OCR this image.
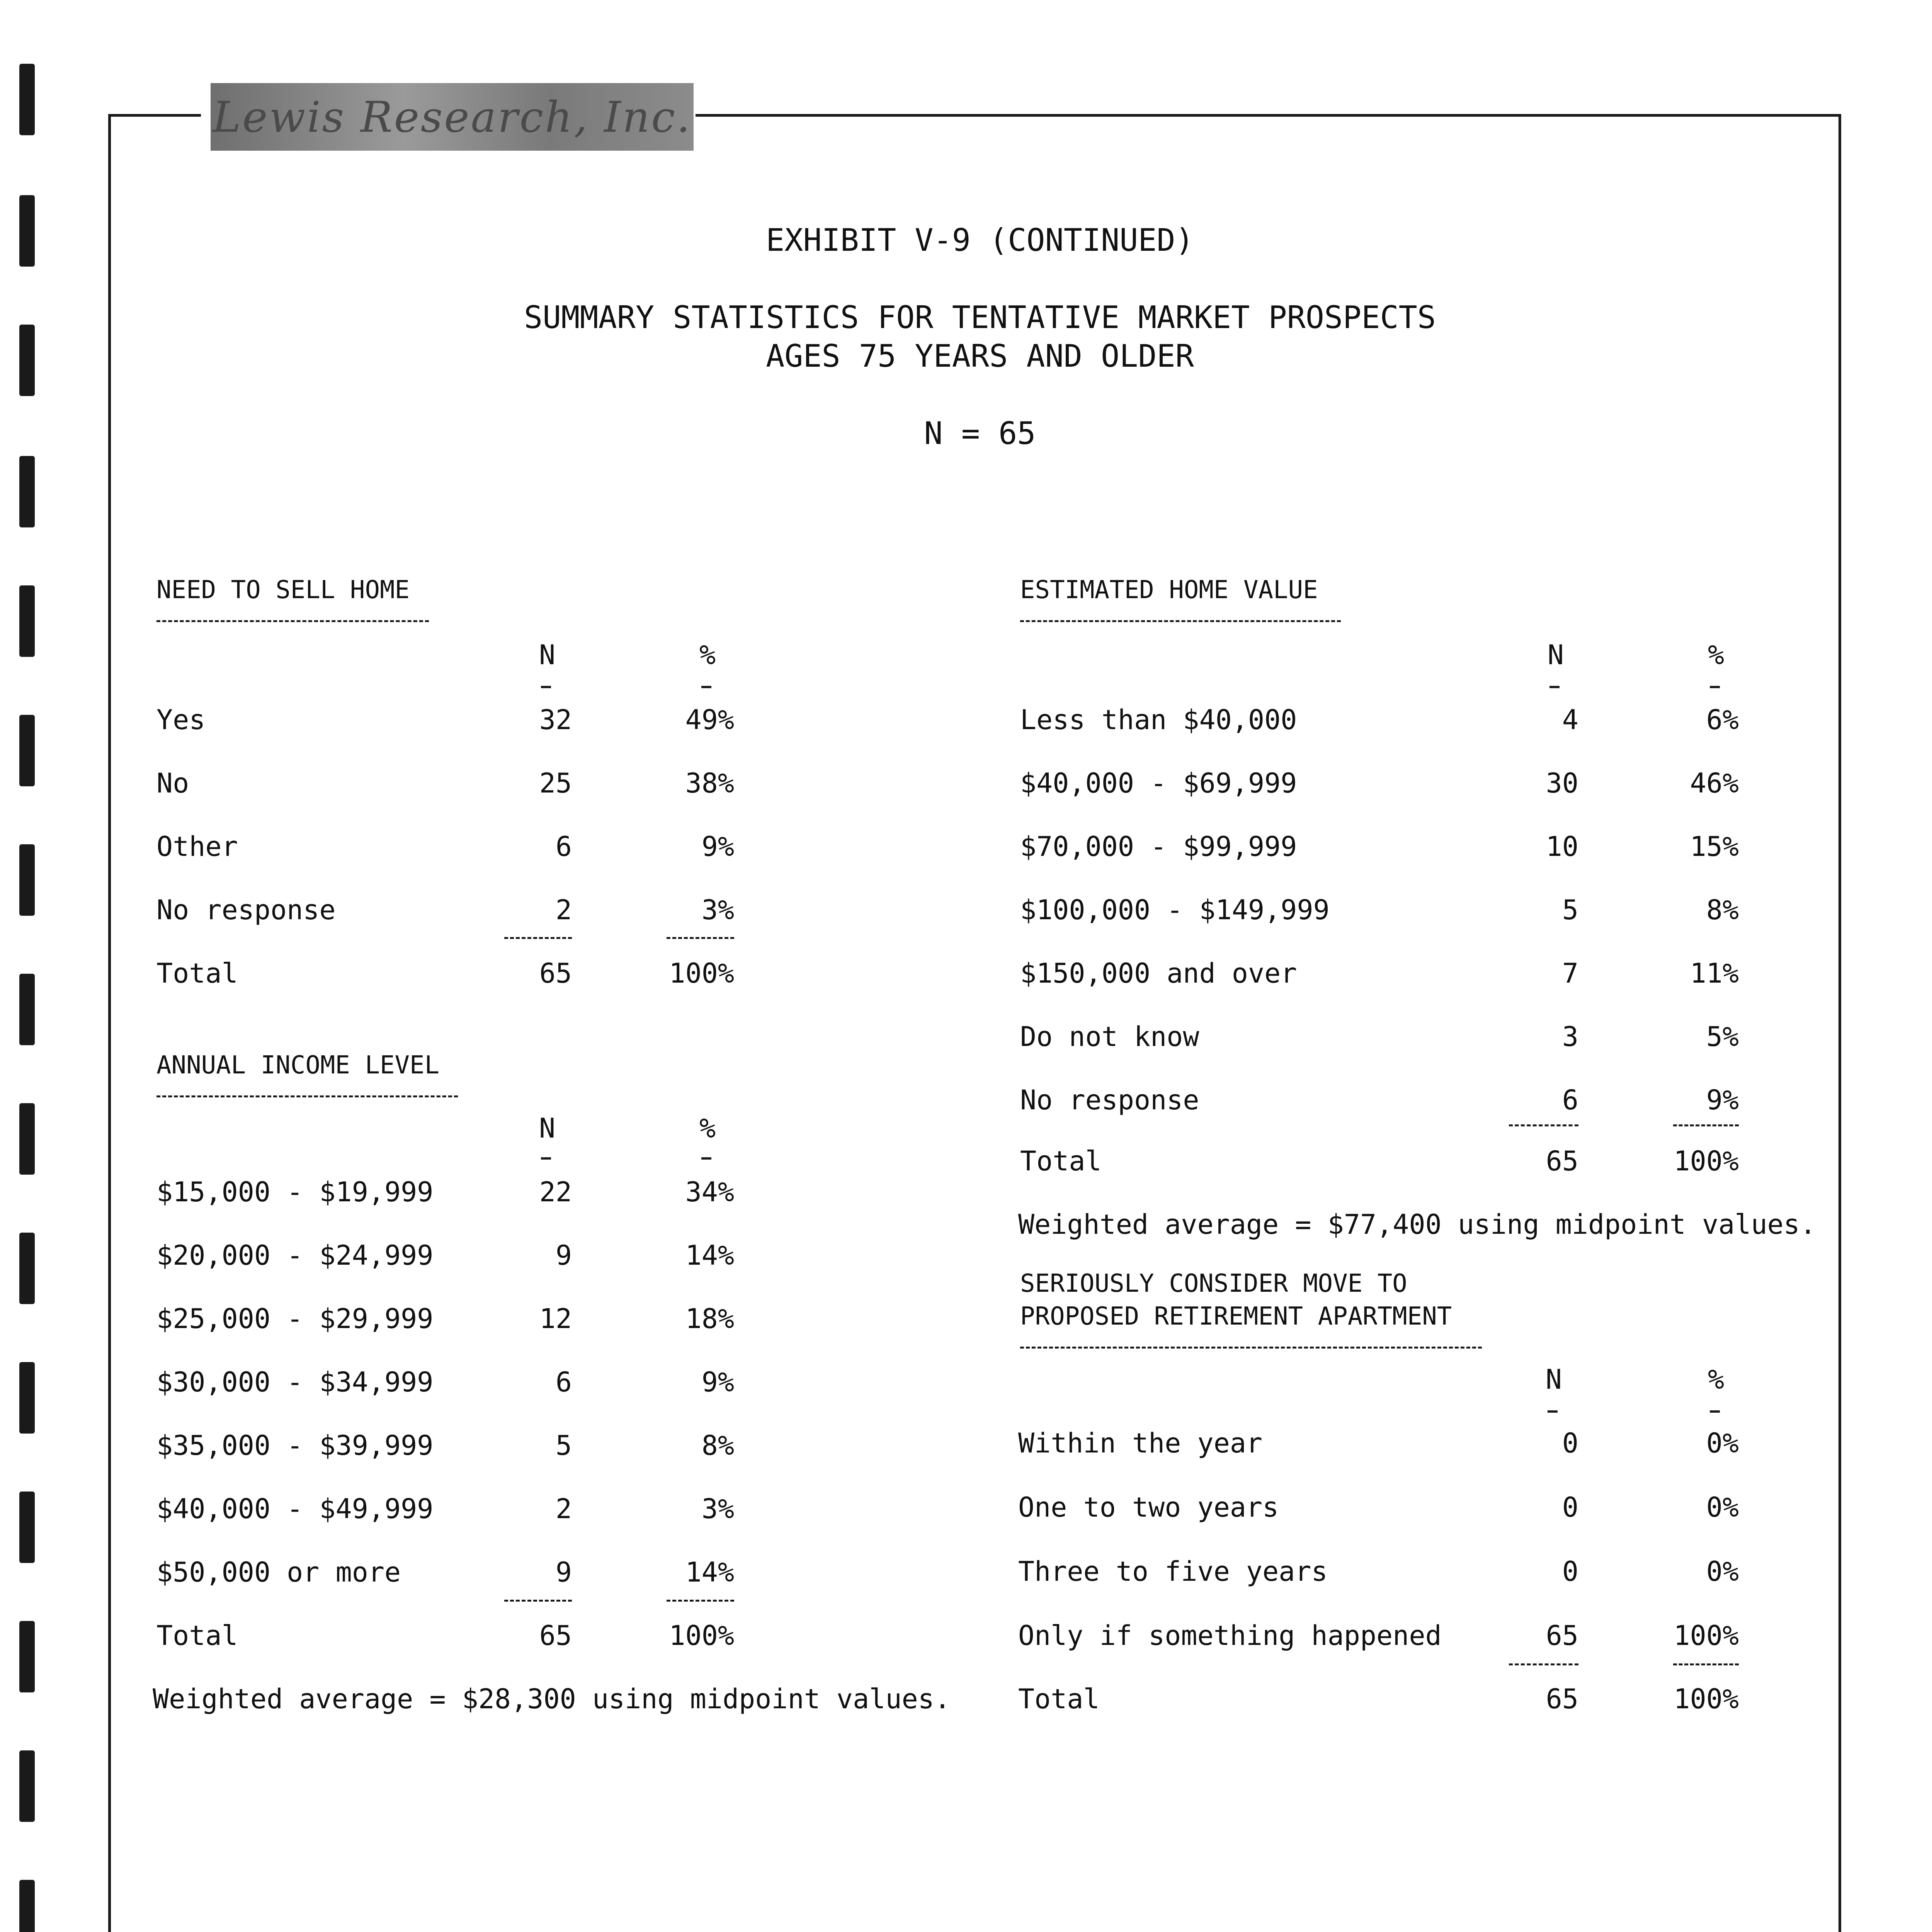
Lewis Research, Inc.
EXHIBIT V-9 (CONTINUED)
SUMMARY STATISTICS FOR TENTATIVE MARKET PROSPECTS
AGES 75 YEARS AND OLDER
N = 65
NEED TO SELL HOME
N	%
Yes	32	49%
No	25	38%
Other	6	9%
No response	2	3%
Total	65	100%
ANNUAL INCOME LEVEL
N	%
$15,000 - $19,999	22	34%
$20,000 - $24,999	9	14%
$25,000 - $29,999	12	18%
$30,000 - $34,999	6	9%
$35,000 - $39,999	5	8%
$40,000 - $49,999	2	3%
$50,000 or more	9	14%
Total	65	100%
Weighted average = $28,300 using midpoint values.
ESTIMATED HOME VALUE
N	%
Less than $40,000	4	6%
$40,000 - $69,999	30	46%
$70,000 - $99,999	10	15%
$100,000 - $149,999	5	8%
$150,000 and over	7	11%
Do not know	3	5%
No response	6	9%
Total	65	100%
Weighted average = $77,400 using midpoint values.
SERIOUSLY CONSIDER MOVE TO
PROPOSED RETIREMENT APARTMENT
N	%
Within the year	0	0%
One to two years	0	0%
Three to five years	0	0%
Only if something happened	65	100%
Total	65	100%
